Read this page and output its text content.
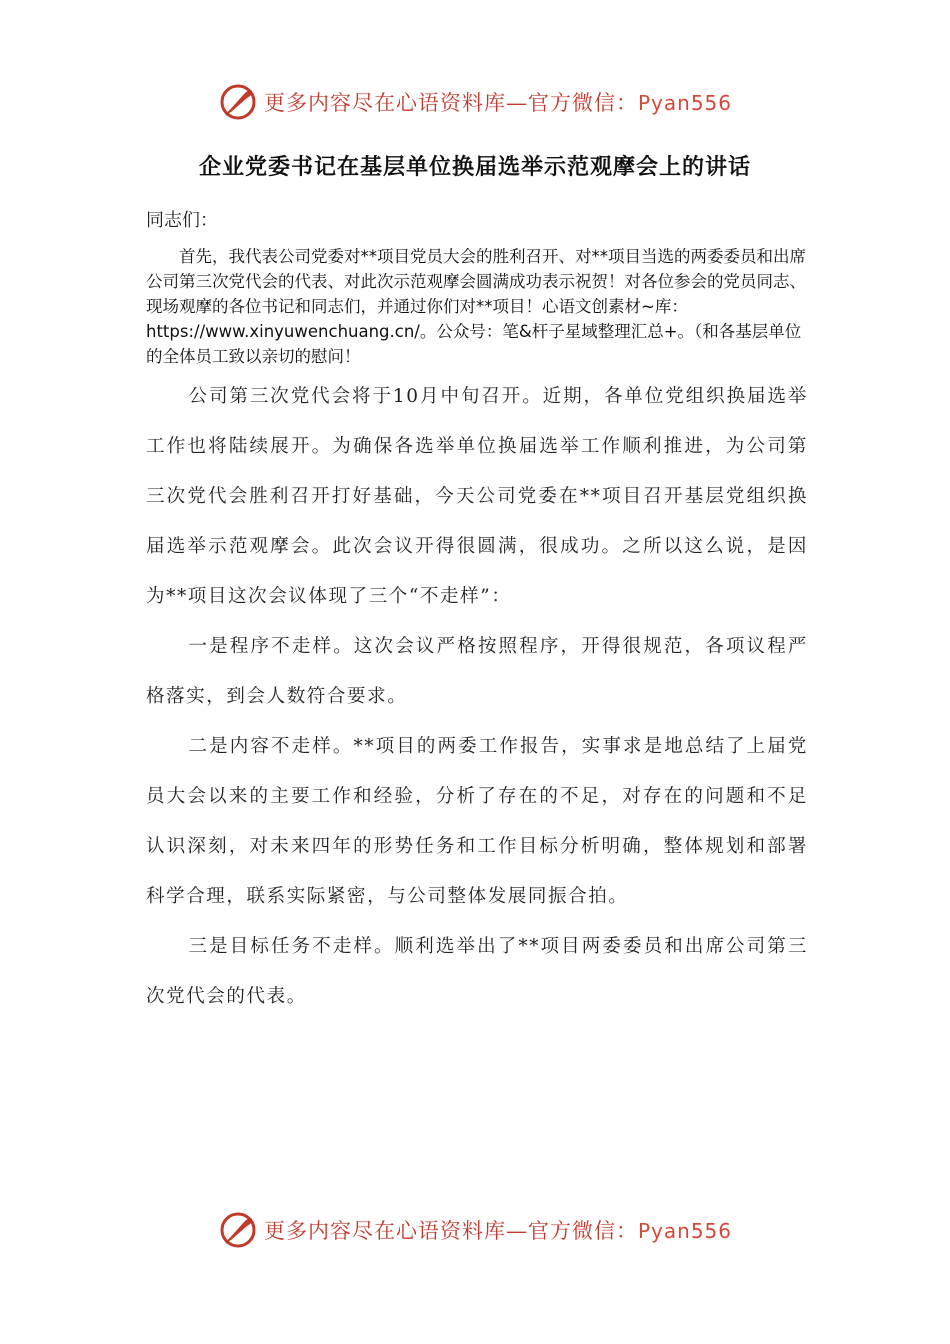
更多内容尽在心语资料库—官方微信：Pyan556
企业党委书记在基层单位换届选举示范观摩会上的讲话
同志们：
首先，我代表公司党委对**项目党员大会的胜利召开、对**项目当选的两委委员和出席公司第三次党代会的代表、对此次示范观摩会圆满成功表示祝贺！对各位参会的党员同志、现场观摩的各位书记和同志们，并通过你们对**项目！心语文创素材~库：https://www.xinyuwenchuang.cn/。公众号：笔&杆子星域整理汇总+。（和各基层单位的全体员工致以亲切的慰问！

公司第三次党代会将于10月中旬召开。近期，各单位党组织换届选举工作也将陆续展开。为确保各选举单位换届选举工作顺利推进，为公司第三次党代会胜利召开打好基础，今天公司党委在**项目召开基层党组织换届选举示范观摩会。此次会议开得很圆满，很成功。之所以这么说，是因为**项目这次会议体现了三个“不走样”：

一是程序不走样。这次会议严格按照程序，开得很规范，各项议程严格落实，到会人数符合要求。

二是内容不走样。**项目的两委工作报告，实事求是地总结了上届党员大会以来的主要工作和经验，分析了存在的不足，对存在的问题和不足认识深刻，对未来四年的形势任务和工作目标分析明确，整体规划和部署科学合理，联系实际紧密，与公司整体发展同振合拍。

三是目标任务不走样。顺利选举出了**项目两委委员和出席公司第三次党代会的代表。

更多内容尽在心语资料库—官方微信：Pyan556
